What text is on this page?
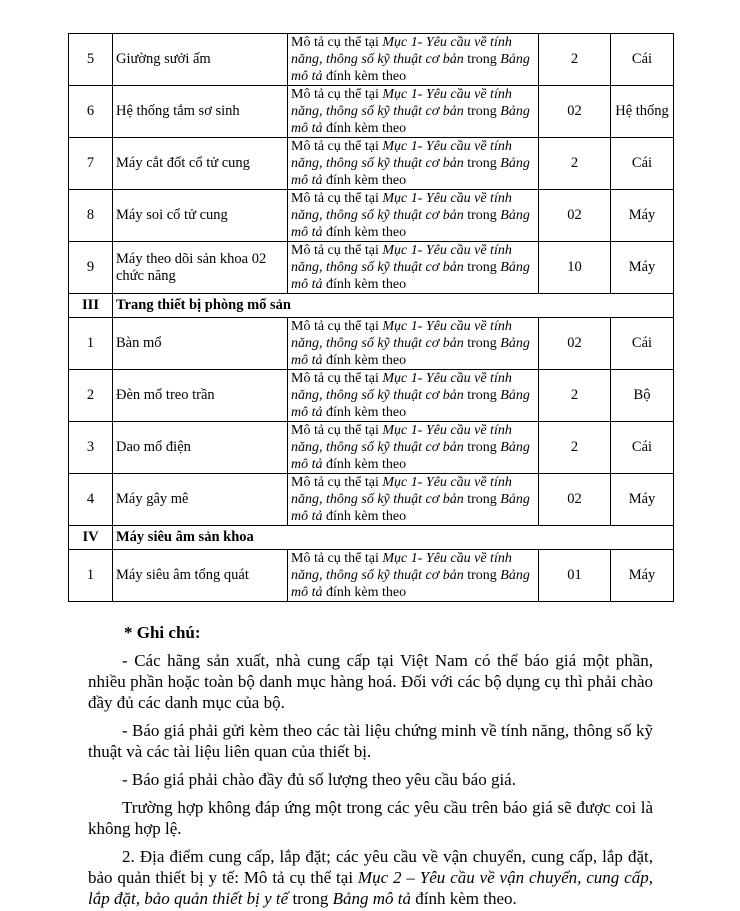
5	Giường sưởi ấm	Mô tả cụ thể tại Mục 1- Yêu cầu về tính năng, thông số kỹ thuật cơ bản trong Bảng mô tả đính kèm theo	2	Cái
6	Hệ thống tắm sơ sinh	Mô tả cụ thể tại Mục 1- Yêu cầu về tính năng, thông số kỹ thuật cơ bản trong Bảng mô tả đính kèm theo	02	Hệ thống
7	Máy cắt đốt cổ tử cung	Mô tả cụ thể tại Mục 1- Yêu cầu về tính năng, thông số kỹ thuật cơ bản trong Bảng mô tả đính kèm theo	2	Cái
8	Máy soi cổ tử cung	Mô tả cụ thể tại Mục 1- Yêu cầu về tính năng, thông số kỹ thuật cơ bản trong Bảng mô tả đính kèm theo	02	Máy
9	Máy theo dõi sản khoa 02 chức năng	Mô tả cụ thể tại Mục 1- Yêu cầu về tính năng, thông số kỹ thuật cơ bản trong Bảng mô tả đính kèm theo	10	Máy
III	Trang thiết bị phòng mổ sản			
1	Bàn mổ	Mô tả cụ thể tại Mục 1- Yêu cầu về tính năng, thông số kỹ thuật cơ bản trong Bảng mô tả đính kèm theo	02	Cái
2	Đèn mổ treo trần	Mô tả cụ thể tại Mục 1- Yêu cầu về tính năng, thông số kỹ thuật cơ bản trong Bảng mô tả đính kèm theo	2	Bộ
3	Dao mổ điện	Mô tả cụ thể tại Mục 1- Yêu cầu về tính năng, thông số kỹ thuật cơ bản trong Bảng mô tả đính kèm theo	2	Cái
4	Máy gây mê	Mô tả cụ thể tại Mục 1- Yêu cầu về tính năng, thông số kỹ thuật cơ bản trong Bảng mô tả đính kèm theo	02	Máy
IV	Máy siêu âm sản khoa			
1	Máy siêu âm tổng quát	Mô tả cụ thể tại Mục 1- Yêu cầu về tính năng, thông số kỹ thuật cơ bản trong Bảng mô tả đính kèm theo	01	Máy

* Ghi chú:

- Các hãng sản xuất, nhà cung cấp tại Việt Nam có thể báo giá một phần, nhiều phần hoặc toàn bộ danh mục hàng hoá. Đối với các bộ dụng cụ thì phải chào đầy đủ các danh mục của bộ.

- Báo giá phải gửi kèm theo các tài liệu chứng minh về tính năng, thông số kỹ thuật và các tài liệu liên quan của thiết bị.

- Báo giá phải chào đầy đủ số lượng theo yêu cầu báo giá.

Trường hợp không đáp ứng một trong các yêu cầu trên báo giá sẽ được coi là không hợp lệ.

2. Địa điểm cung cấp, lắp đặt; các yêu cầu về vận chuyển, cung cấp, lắp đặt, bảo quản thiết bị y tế: Mô tả cụ thể tại Mục 2 – Yêu cầu về vận chuyển, cung cấp, lắp đặt, bảo quản thiết bị y tế trong Bảng mô tả đính kèm theo.
